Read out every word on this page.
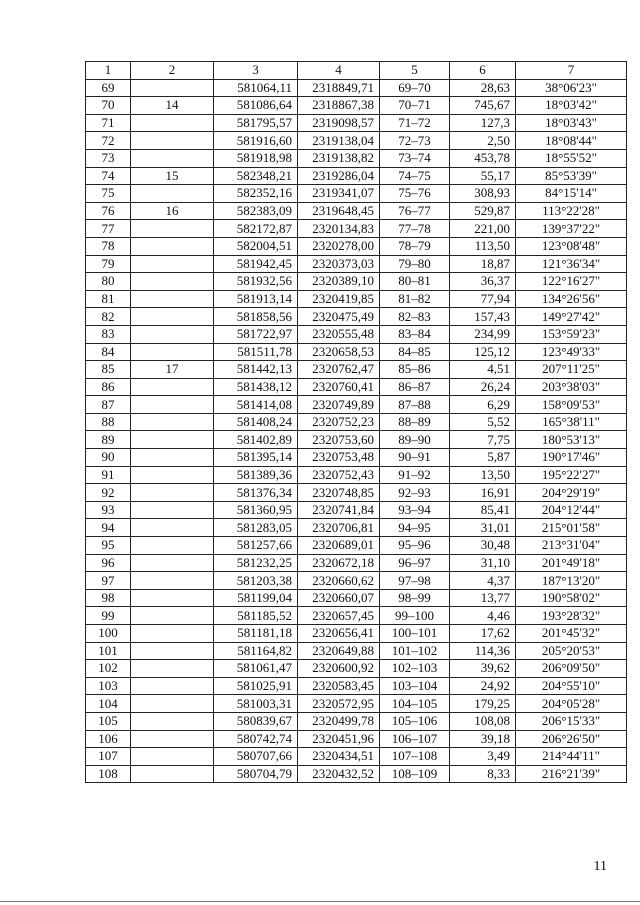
1	2	3	4	5	6	7
69		581064,11	2318849,71	69–70	28,63	38°06'23"
70	14	581086,64	2318867,38	70–71	745,67	18°03'42"
71		581795,57	2319098,57	71–72	127,3	18°03'43"
72		581916,60	2319138,04	72–73	2,50	18°08'44"
73		581918,98	2319138,82	73–74	453,78	18°55'52"
74	15	582348,21	2319286,04	74–75	55,17	85°53'39"
75		582352,16	2319341,07	75–76	308,93	84°15'14"
76	16	582383,09	2319648,45	76–77	529,87	113°22'28"
77		582172,87	2320134,83	77–78	221,00	139°37'22"
78		582004,51	2320278,00	78–79	113,50	123°08'48"
79		581942,45	2320373,03	79–80	18,87	121°36'34"
80		581932,56	2320389,10	80–81	36,37	122°16'27"
81		581913,14	2320419,85	81–82	77,94	134°26'56"
82		581858,56	2320475,49	82–83	157,43	149°27'42"
83		581722,97	2320555,48	83–84	234,99	153°59'23"
84		581511,78	2320658,53	84–85	125,12	123°49'33"
85	17	581442,13	2320762,47	85–86	4,51	207°11'25"
86		581438,12	2320760,41	86–87	26,24	203°38'03"
87		581414,08	2320749,89	87–88	6,29	158°09'53"
88		581408,24	2320752,23	88–89	5,52	165°38'11"
89		581402,89	2320753,60	89–90	7,75	180°53'13"
90		581395,14	2320753,48	90–91	5,87	190°17'46"
91		581389,36	2320752,43	91–92	13,50	195°22'27"
92		581376,34	2320748,85	92–93	16,91	204°29'19"
93		581360,95	2320741,84	93–94	85,41	204°12'44"
94		581283,05	2320706,81	94–95	31,01	215°01'58"
95		581257,66	2320689,01	95–96	30,48	213°31'04"
96		581232,25	2320672,18	96–97	31,10	201°49'18"
97		581203,38	2320660,62	97–98	4,37	187°13'20"
98		581199,04	2320660,07	98–99	13,77	190°58'02"
99		581185,52	2320657,45	99–100	4,46	193°28'32"
100		581181,18	2320656,41	100–101	17,62	201°45'32"
101		581164,82	2320649,88	101–102	114,36	205°20'53"
102		581061,47	2320600,92	102–103	39,62	206°09'50"
103		581025,91	2320583,45	103–104	24,92	204°55'10"
104		581003,31	2320572,95	104–105	179,25	204°05'28"
105		580839,67	2320499,78	105–106	108,08	206°15'33"
106		580742,74	2320451,96	106–107	39,18	206°26'50"
107		580707,66	2320434,51	107–108	3,49	214°44'11"
108		580704,79	2320432,52	108–109	8,33	216°21'39"
11
